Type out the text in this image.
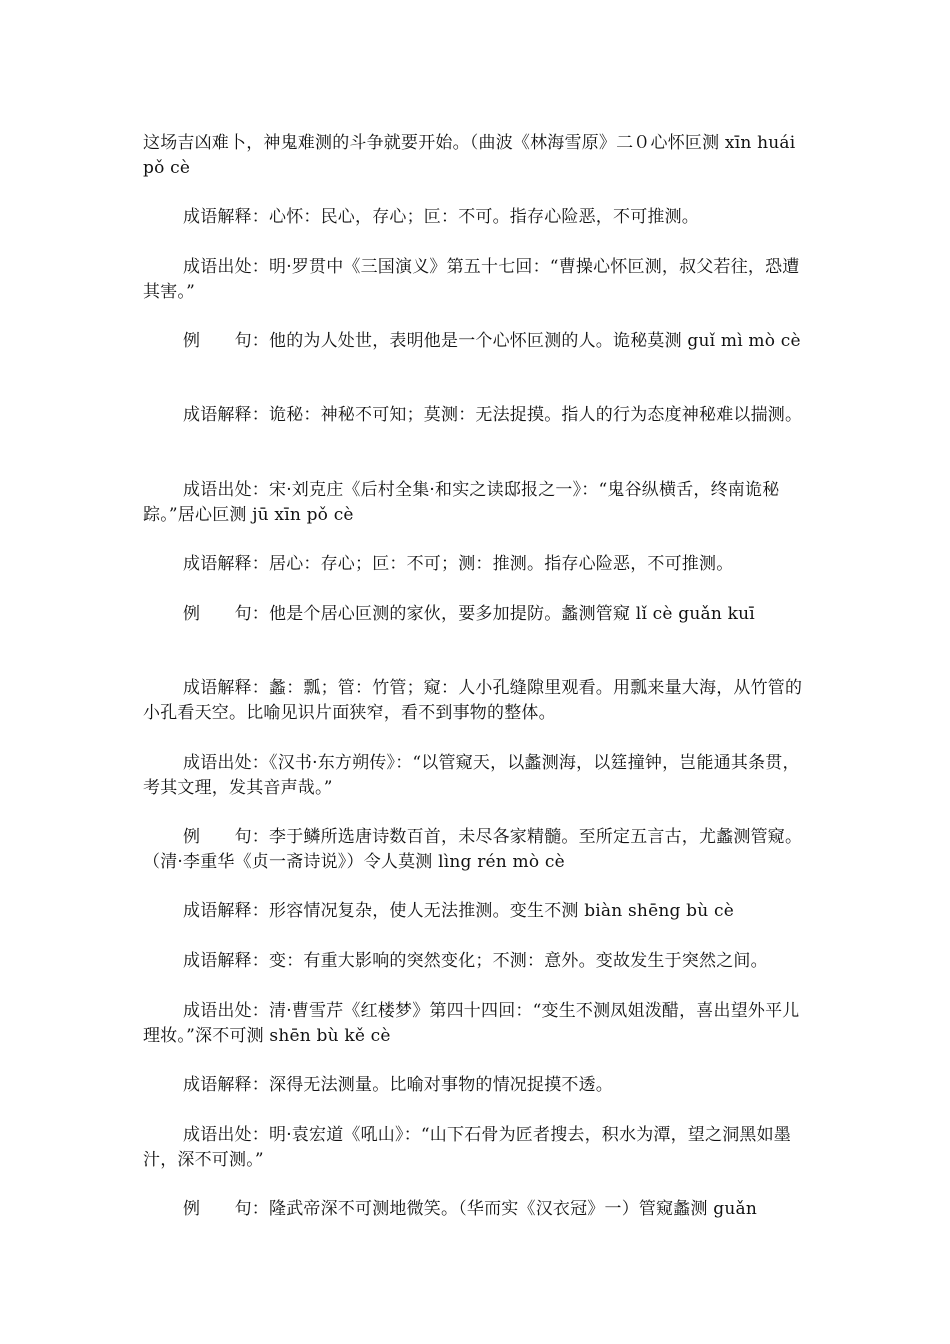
这场吉凶难卜，神鬼难测的斗争就要开始。（曲波《林海雪原》二０心怀叵测 xīn huái pǒ cè

成语解释：心怀：民心，存心；叵：不可。指存心险恶，不可推测。

成语出处：明·罗贯中《三国演义》第五十七回：“曹操心怀叵测，叔父若往，恐遭其害。”

例　　句：他的为人处世，表明他是一个心怀叵测的人。诡秘莫测 guǐ mì mò cè

成语解释：诡秘：神秘不可知；莫测：无法捉摸。指人的行为态度神秘难以揣测。

成语出处：宋·刘克庄《后村全集·和实之读邸报之一》：“鬼谷纵横舌，终南诡秘踪。”居心叵测 jū xīn pǒ cè

成语解释：居心：存心；叵：不可；测：推测。指存心险恶，不可推测。

例　　句：他是个居心叵测的家伙，要多加提防。蠡测管窥 lǐ cè guǎn kuī

成语解释：蠡：瓢；管：竹管；窥：人小孔缝隙里观看。用瓢来量大海，从竹管的小孔看天空。比喻见识片面狭窄，看不到事物的整体。

成语出处：《汉书·东方朔传》：“以管窥天，以蠡测海，以筳撞钟，岂能通其条贯，考其文理，发其音声哉。”

例　　句：李于鳞所选唐诗数百首，未尽各家精髓。至所定五言古，尤蠡测管窥。（清·李重华《贞一斋诗说》）令人莫测 lìng rén mò cè

成语解释：形容情况复杂，使人无法推测。变生不测 biàn shēng bù cè

成语解释：变：有重大影响的突然变化；不测：意外。变故发生于突然之间。

成语出处：清·曹雪芹《红楼梦》第四十四回：“变生不测凤姐泼醋，喜出望外平儿理妆。”深不可测 shēn bù kě cè

成语解释：深得无法测量。比喻对事物的情况捉摸不透。

成语出处：明·袁宏道《吼山》：“山下石骨为匠者搜去，积水为潭，望之洞黑如墨汁，深不可测。”

例　　句：隆武帝深不可测地微笑。（华而实《汉衣冠》一）管窥蠡测 guǎn
